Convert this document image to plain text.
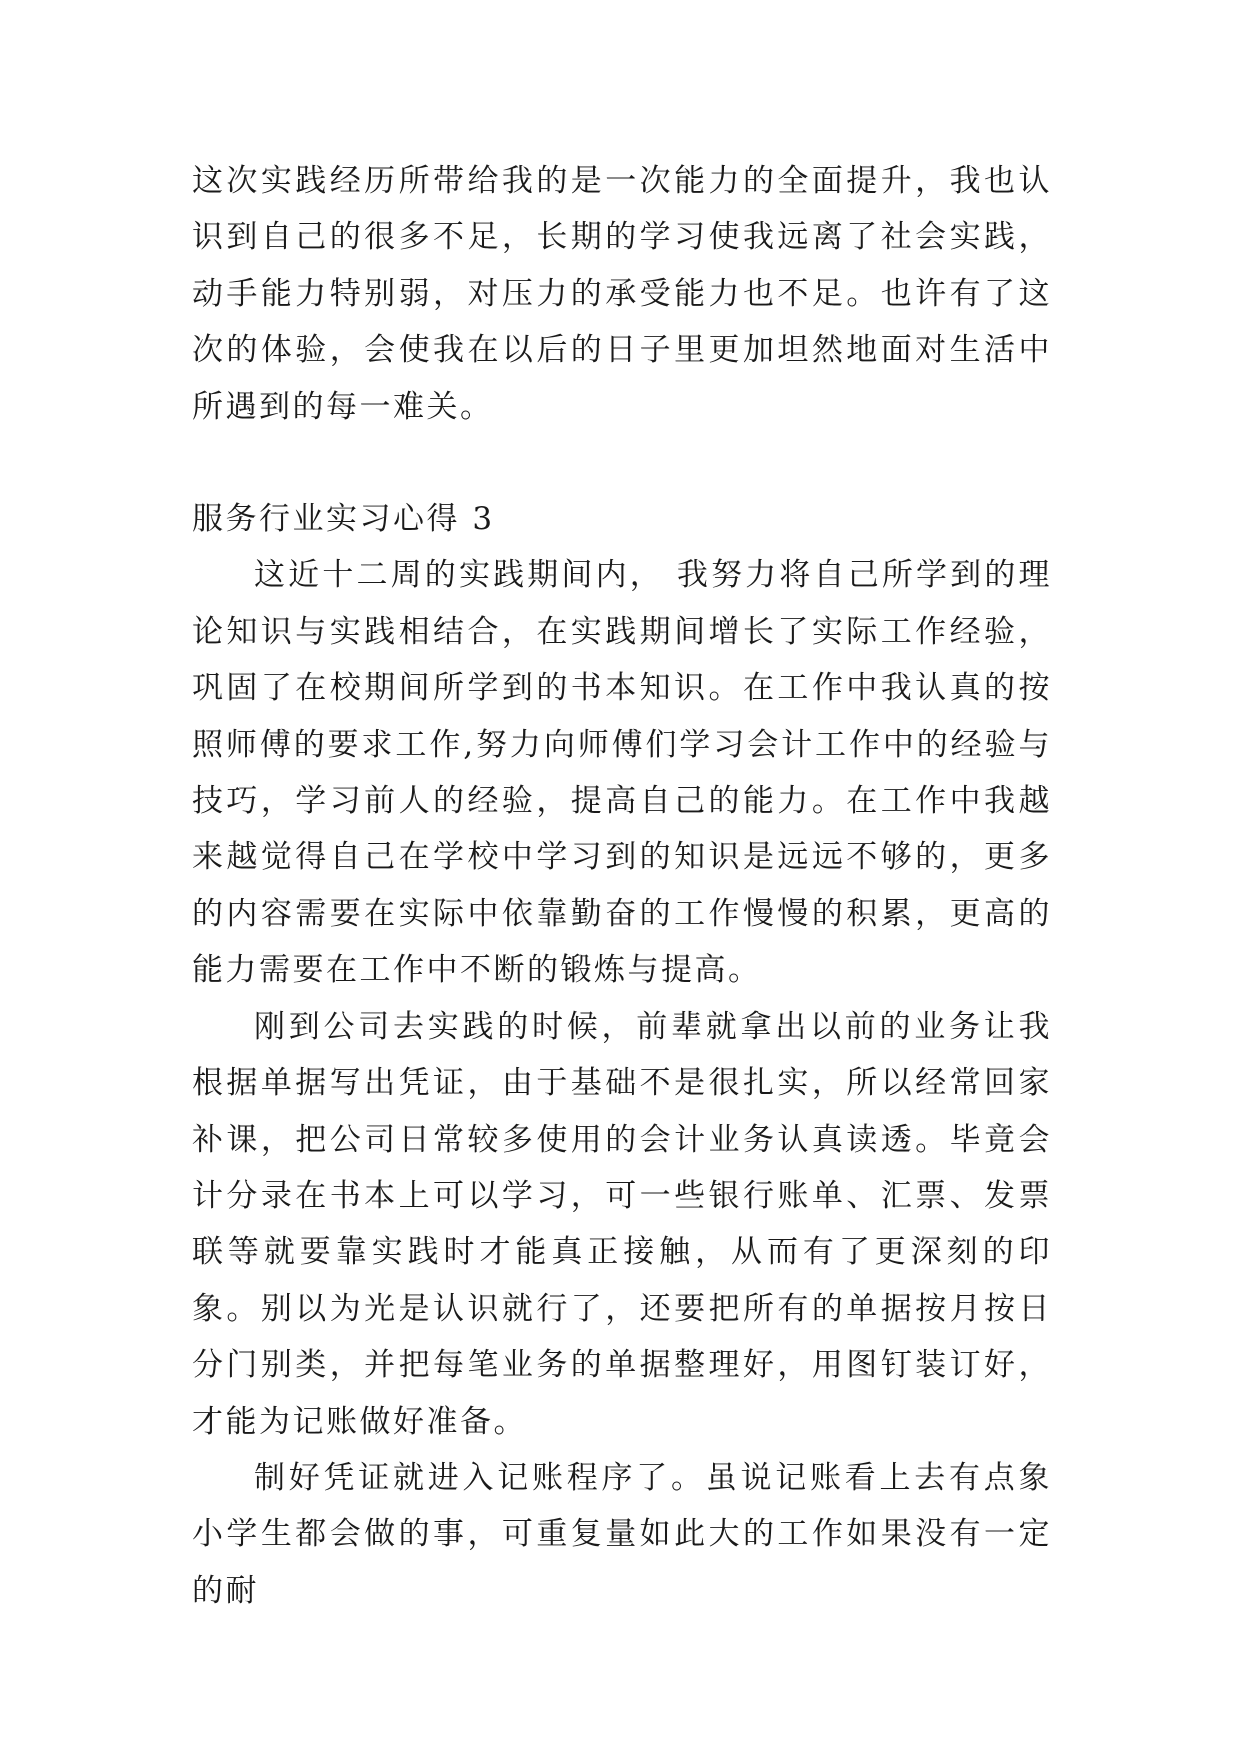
这次实践经历所带给我的是一次能力的全面提升，我也认识到自己的很多不足，长期的学习使我远离了社会实践，动手能力特别弱，对压力的承受能力也不足。也许有了这次的体验，会使我在以后的日子里更加坦然地面对生活中所遇到的每一难关。

服务行业实习心得 3

这近十二周的实践期间内， 我努力将自己所学到的理论知识与实践相结合，在实践期间增长了实际工作经验，巩固了在校期间所学到的书本知识。在工作中我认真的按照师傅的要求工作,努力向师傅们学习会计工作中的经验与技巧，学习前人的经验，提高自己的能力。在工作中我越来越觉得自己在学校中学习到的知识是远远不够的，更多的内容需要在实际中依靠勤奋的工作慢慢的积累，更高的能力需要在工作中不断的锻炼与提高。

刚到公司去实践的时候，前辈就拿出以前的业务让我根据单据写出凭证，由于基础不是很扎实，所以经常回家补课，把公司日常较多使用的会计业务认真读透。毕竟会计分录在书本上可以学习，可一些银行账单、汇票、发票联等就要靠实践时才能真正接触，从而有了更深刻的印象。别以为光是认识就行了，还要把所有的单据按月按日分门别类，并把每笔业务的单据整理好，用图钉装订好，才能为记账做好准备。

制好凭证就进入记账程序了。虽说记账看上去有点象小学生都会做的事，可重复量如此大的工作如果没有一定的耐
